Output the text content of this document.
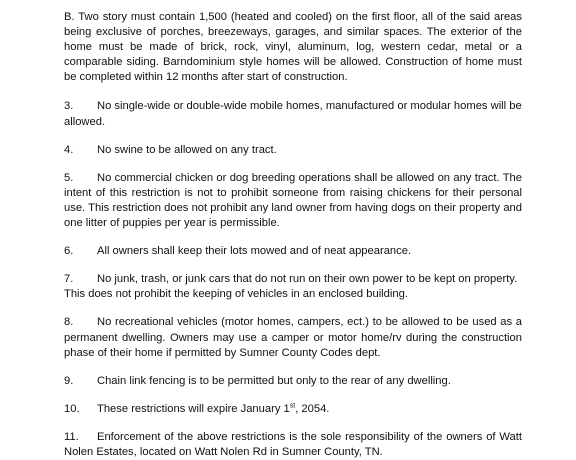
B. Two story must contain 1,500 (heated and cooled) on the first floor, all of the said areas being exclusive of porches, breezeways, garages, and similar spaces. The exterior of the home must be made of brick, rock, vinyl, aluminum, log, western cedar, metal or a comparable siding. Barndominium style homes will be allowed. Construction of home must be completed within 12 months after start of construction.

3. No single-wide or double-wide mobile homes, manufactured or modular homes will be allowed.

4. No swine to be allowed on any tract.

5. No commercial chicken or dog breeding operations shall be allowed on any tract. The intent of this restriction is not to prohibit someone from raising chickens for their personal use. This restriction does not prohibit any land owner from having dogs on their property and one litter of puppies per year is permissible.

6. All owners shall keep their lots mowed and of neat appearance.

7. No junk, trash, or junk cars that do not run on their own power to be kept on property. This does not prohibit the keeping of vehicles in an enclosed building.

8. No recreational vehicles (motor homes, campers, ect.) to be allowed to be used as a permanent dwelling. Owners may use a camper or motor home/rv during the construction phase of their home if permitted by Sumner County Codes dept.

9. Chain link fencing is to be permitted but only to the rear of any dwelling.

10. These restrictions will expire January 1st, 2054.

11. Enforcement of the above restrictions is the sole responsibility of the owners of Watt Nolen Estates, located on Watt Nolen Rd in Sumner County, TN.
